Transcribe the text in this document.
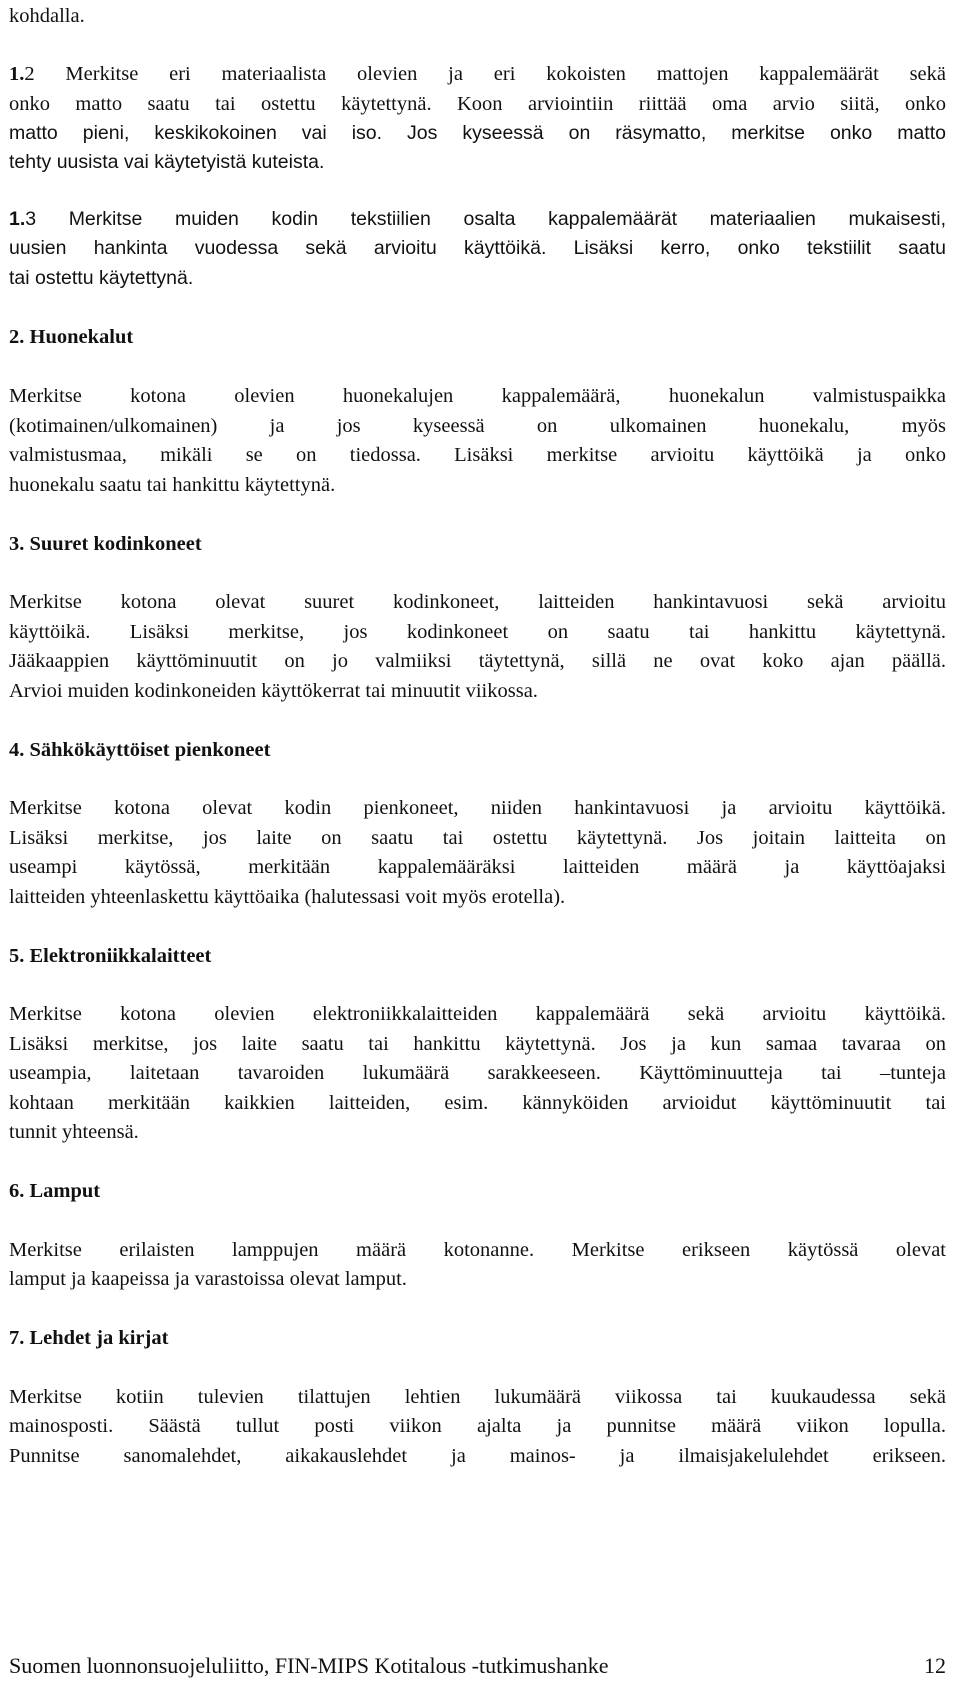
kohdalla.
1.2 Merkitse eri materiaalista olevien ja eri kokoisten mattojen kappalemäärät sekä
onko matto saatu tai ostettu käytettynä. Koon arviointiin riittää oma arvio siitä, onko
matto pieni, keskikokoinen vai iso. Jos kyseessä on räsymatto, merkitse onko matto
tehty uusista vai käytetyistä kuteista.
1.3 Merkitse muiden kodin tekstiilien osalta kappalemäärät materiaalien mukaisesti,
uusien hankinta vuodessa sekä arvioitu käyttöikä. Lisäksi kerro, onko tekstiilit saatu
tai ostettu käytettynä.
2. Huonekalut
Merkitse kotona olevien huonekalujen kappalemäärä, huonekalun valmistuspaikka
(kotimainen/ulkomainen) ja jos kyseessä on ulkomainen huonekalu, myös
valmistusmaa, mikäli se on tiedossa. Lisäksi merkitse arvioitu käyttöikä ja onko
huonekalu saatu tai hankittu käytettynä.
3. Suuret kodinkoneet
Merkitse kotona olevat suuret kodinkoneet, laitteiden hankintavuosi sekä arvioitu
käyttöikä. Lisäksi merkitse, jos kodinkoneet on saatu tai hankittu käytettynä.
Jääkaappien käyttöminuutit on jo valmiiksi täytettynä, sillä ne ovat koko ajan päällä.
Arvioi muiden kodinkoneiden käyttökerrat tai minuutit viikossa.
4. Sähkökäyttöiset pienkoneet
Merkitse kotona olevat kodin pienkoneet, niiden hankintavuosi ja arvioitu käyttöikä.
Lisäksi merkitse, jos laite on saatu tai ostettu käytettynä. Jos joitain laitteita on
useampi käytössä, merkitään kappalemääräksi laitteiden määrä ja käyttöajaksi
laitteiden yhteenlaskettu käyttöaika (halutessasi voit myös erotella).
5. Elektroniikkalaitteet
Merkitse kotona olevien elektroniikkalaitteiden kappalemäärä sekä arvioitu käyttöikä.
Lisäksi merkitse, jos laite saatu tai hankittu käytettynä. Jos ja kun samaa tavaraa on
useampia, laitetaan tavaroiden lukumäärä sarakkeeseen. Käyttöminuutteja tai –tunteja
kohtaan merkitään kaikkien laitteiden, esim. kännyköiden arvioidut käyttöminuutit tai
tunnit yhteensä.
6. Lamput
Merkitse erilaisten lamppujen määrä kotonanne. Merkitse erikseen käytössä olevat
lamput ja kaapeissa ja varastoissa olevat lamput.
7. Lehdet ja kirjat
Merkitse kotiin tulevien tilattujen lehtien lukumäärä viikossa tai kuukaudessa sekä
mainosposti. Säästä tullut posti viikon ajalta ja punnitse määrä viikon lopulla.
Punnitse sanomalehdet, aikakauslehdet ja mainos- ja ilmaisjakelulehdet erikseen.
Suomen luonnonsuojeluliitto, FIN-MIPS Kotitalous -tutkimushanke	12
